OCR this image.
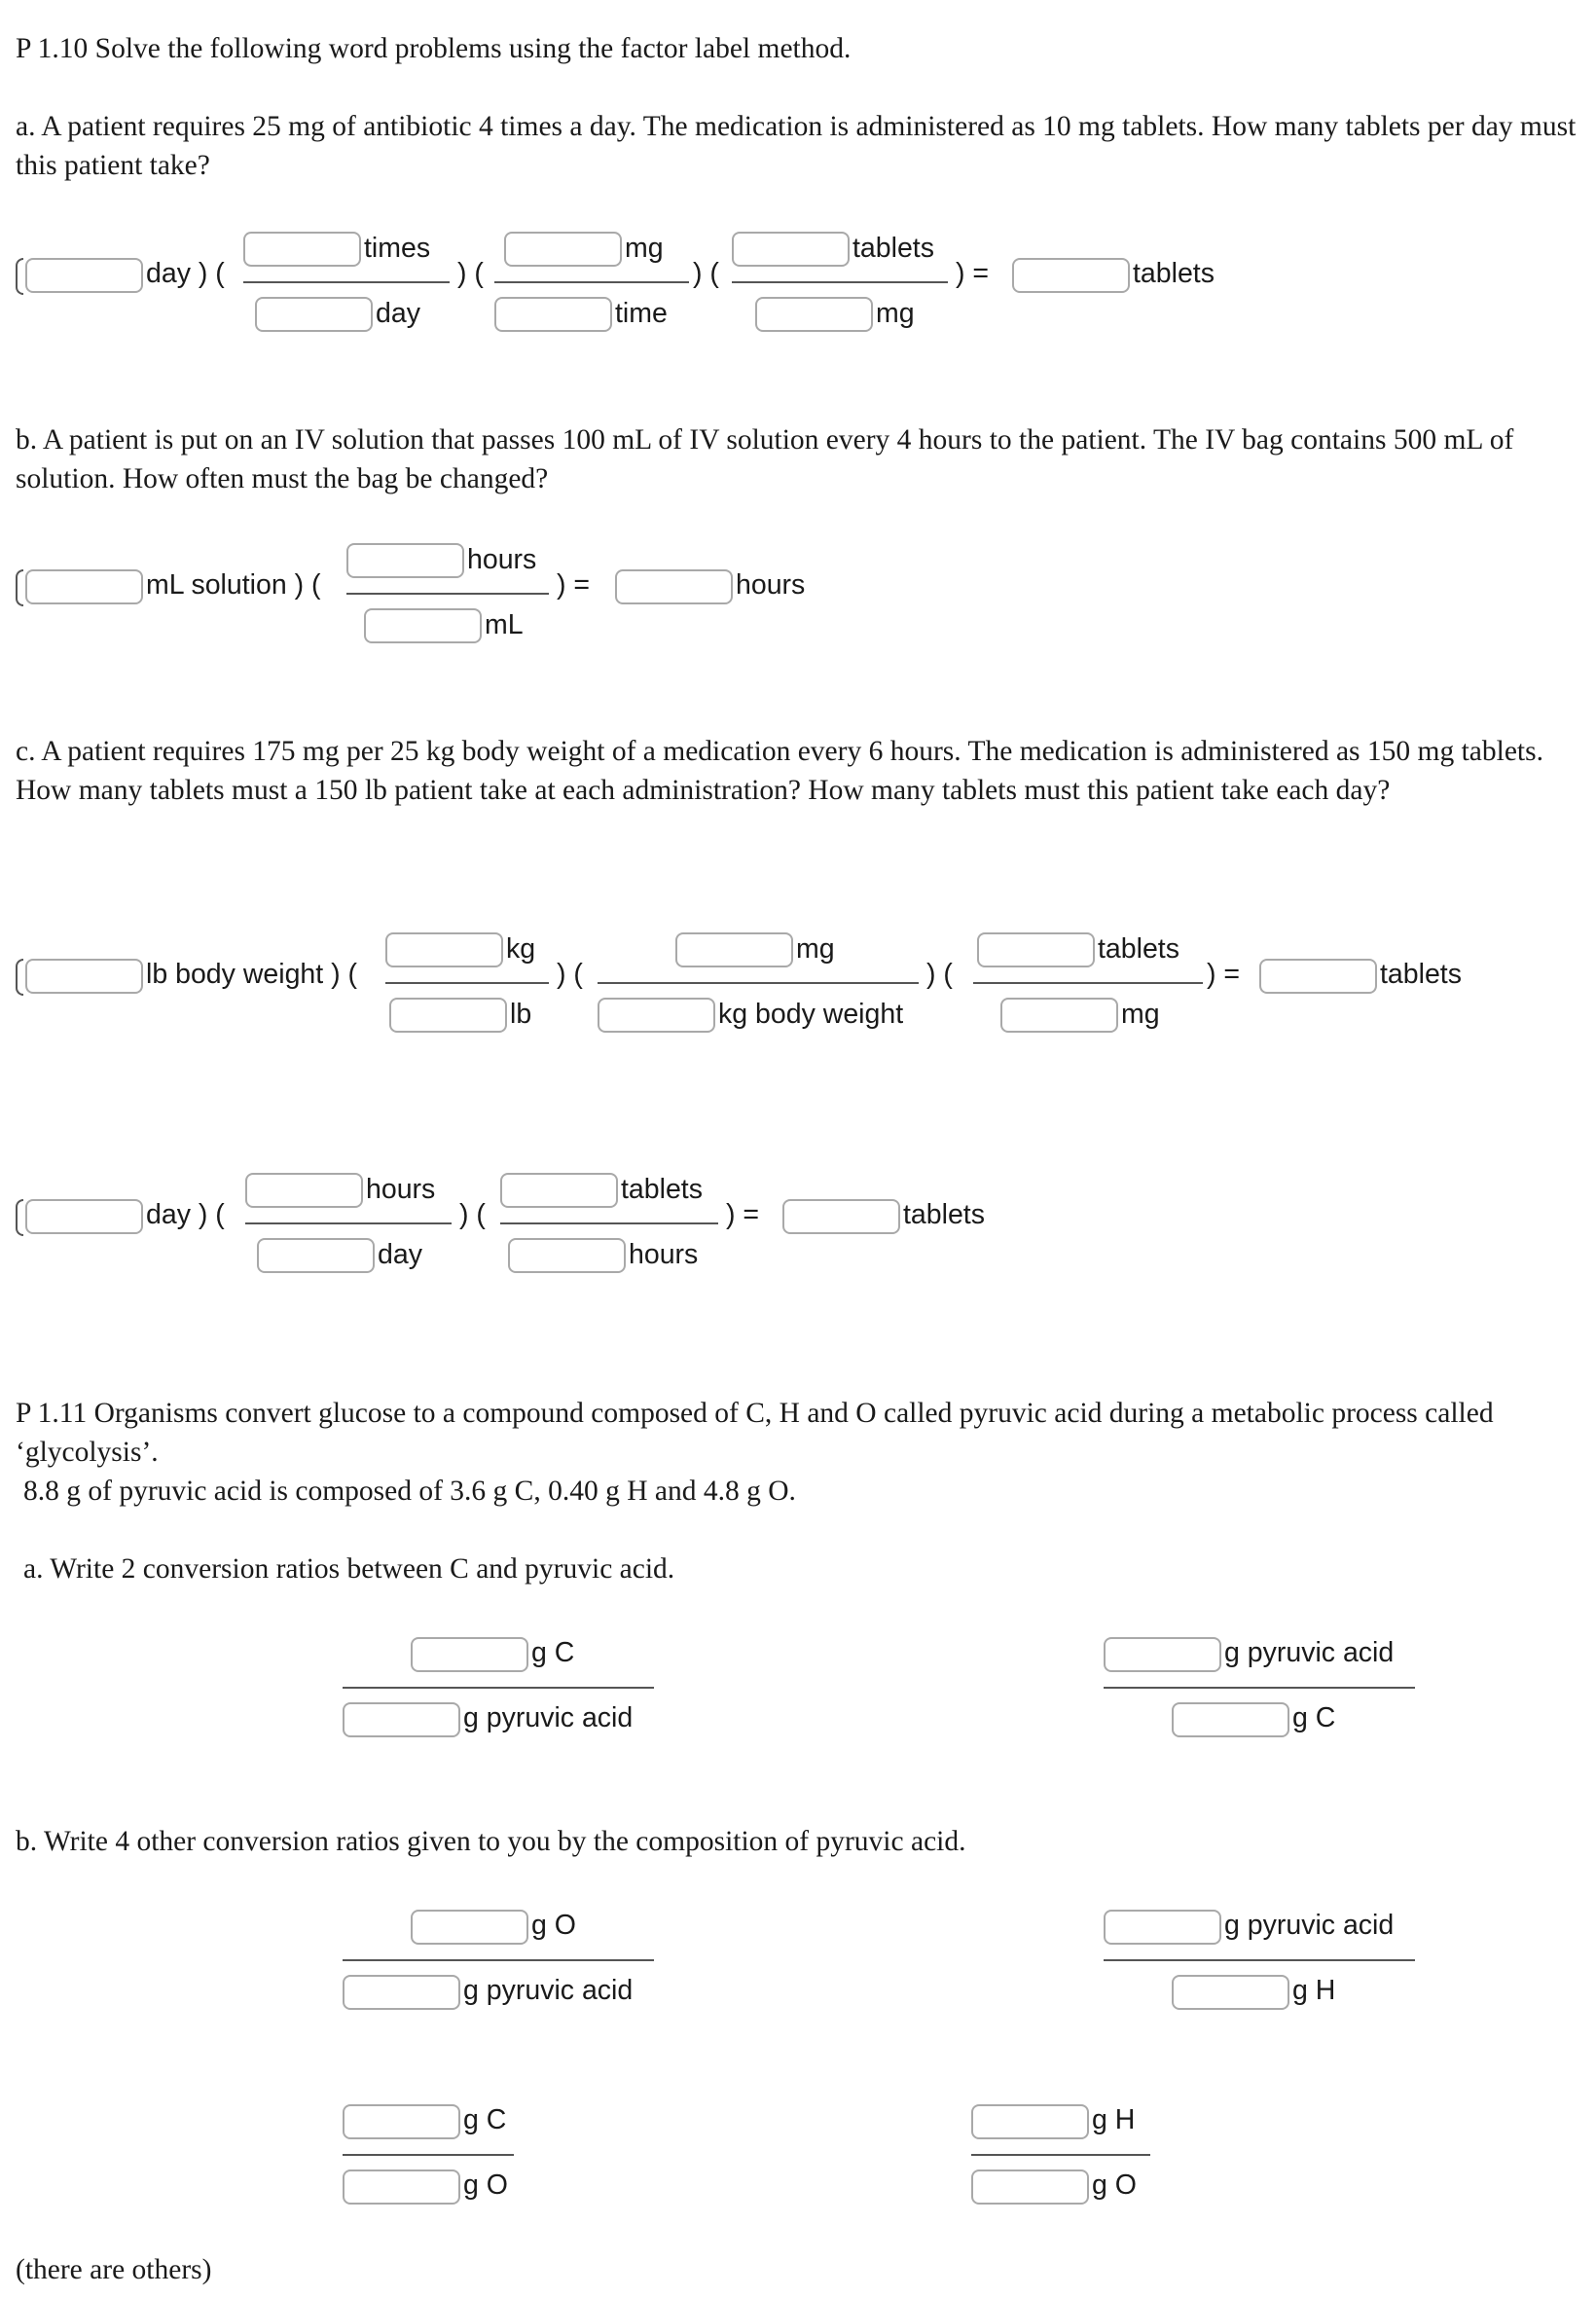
P 1.10 Solve the following word problems using the factor label method.

a. A patient requires 25 mg of antibiotic 4 times a day. The medication is administered as 10 mg tablets. How many tablets per day must this patient take?

day ) (
times
day
) (
mg
time
) (
tablets
mg
) =	tablets

b. A patient is put on an IV solution that passes 100 mL of IV solution every 4 hours to the patient. The IV bag contains 500 mL of solution. How often must the bag be changed?

mL solution ) (
hours
mL
) =	hours

c. A patient requires 175 mg per 25 kg body weight of a medication every 6 hours. The medication is administered as 150 mg tablets. How many tablets must a 150 lb patient take at each administration? How many tablets must this patient take each day?

lb body weight ) (
kg
lb
) (
mg
kg body weight
) (
tablets
mg
) =	tablets
day ) (
hours
day
) (
tablets
hours
) =	tablets

P 1.11 Organisms convert glucose to a compound composed of C, H and O called pyruvic acid during a metabolic process called ‘glycolysis’.

8.8 g of pyruvic acid is composed of 3.6 g C, 0.40 g H and 4.8 g O.

a. Write 2 conversion ratios between C and pyruvic acid.

g C
g pyruvic acid
g pyruvic acid
g C

b. Write 4 other conversion ratios given to you by the composition of pyruvic acid.

g O
g pyruvic acid
g pyruvic acid
g H
g C
g O
g H
g O

(there are others)
